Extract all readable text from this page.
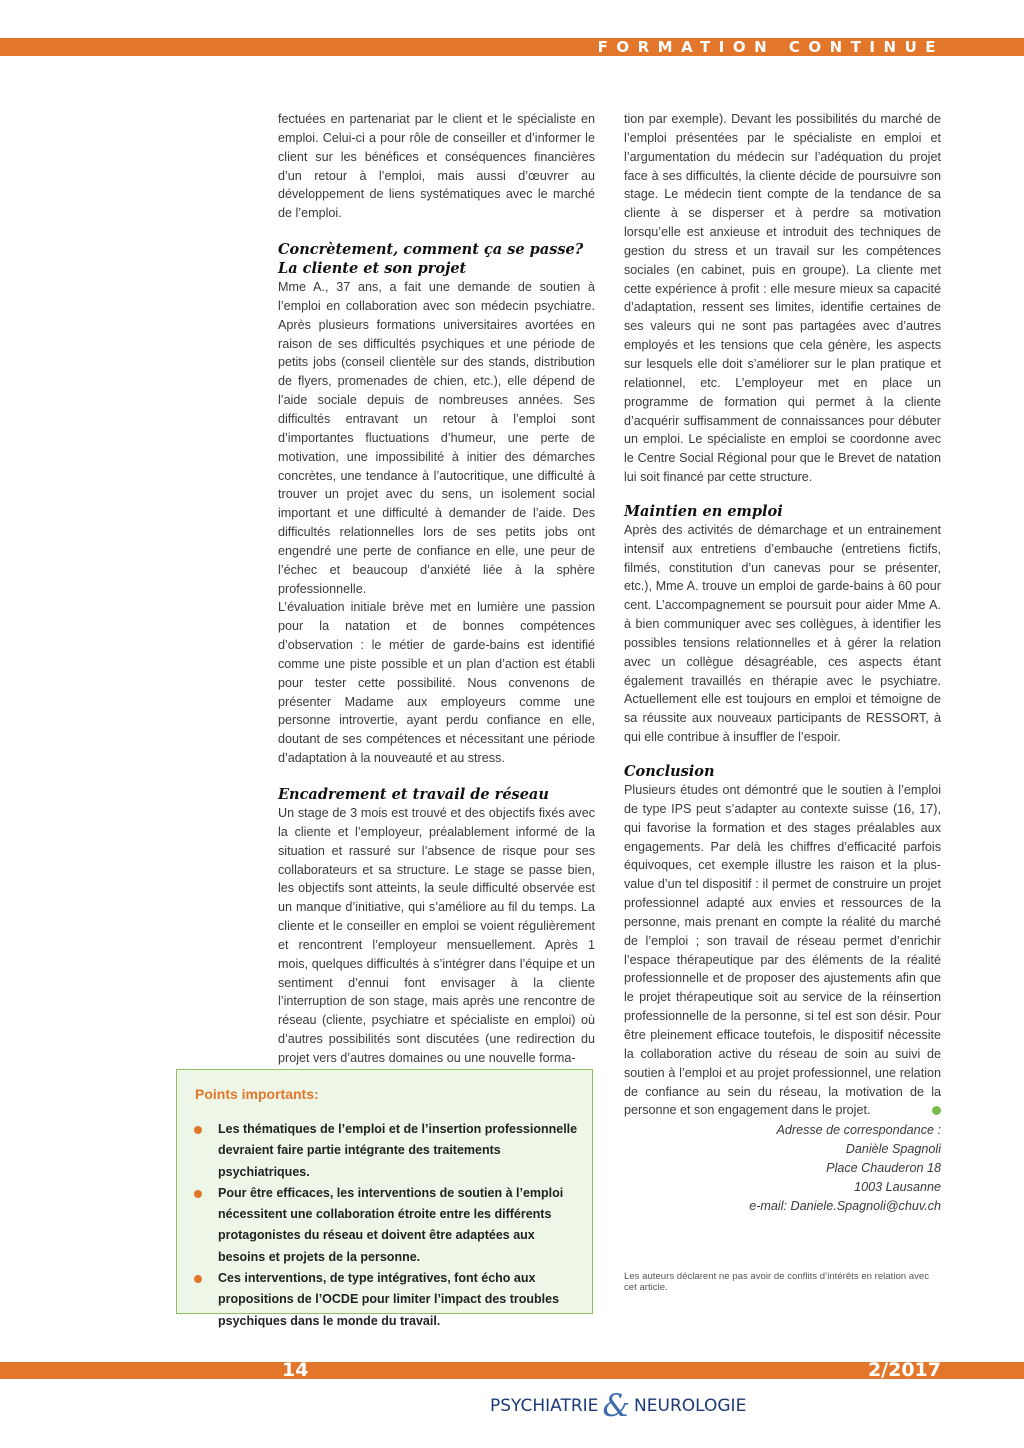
FORMATION CONTINUE

fectuées en partenariat par le client et le spécialiste en emploi. Celui-ci a pour rôle de conseiller et d’informer le client sur les bénéfices et conséquences financières d’un retour à l’emploi, mais aussi d’œuvrer au développement de liens systématiques avec le marché de l’emploi.

Concrètement, comment ça se passe?
La cliente et son projet

Mme A., 37 ans, a fait une demande de soutien à l’emploi en collaboration avec son médecin psychiatre. Après plusieurs formations universitaires avortées en raison de ses difficultés psychiques et une période de petits jobs (conseil clientèle sur des stands, distribution de flyers, promenades de chien, etc.), elle dépend de l’aide sociale depuis de nombreuses années. Ses difficultés entravant un retour à l’emploi sont d’importantes fluctuations d’humeur, une perte de motivation, une impossibilité à initier des démarches concrètes, une tendance à l’autocritique, une difficulté à trouver un projet avec du sens, un isolement social important et une difficulté à demander de l’aide. Des difficultés relationnelles lors de ses petits jobs ont engendré une perte de confiance en elle, une peur de l’échec et beaucoup d’anxiété liée à la sphère professionnelle.

L’évaluation initiale brève met en lumière une passion pour la natation et de bonnes compétences d’observation : le métier de garde-bains est identifié comme une piste possible et un plan d’action est établi pour tester cette possibilité. Nous convenons de présenter Madame aux employeurs comme une personne introvertie, ayant perdu confiance en elle, doutant de ses compétences et nécessitant une période d’adaptation à la nouveauté et au stress.

Encadrement et travail de réseau

Un stage de 3 mois est trouvé et des objectifs fixés avec la cliente et l’employeur, préalablement informé de la situation et rassuré sur l’absence de risque pour ses collaborateurs et sa structure. Le stage se passe bien, les objectifs sont atteints, la seule difficulté observée est un manque d’initiative, qui s’améliore au fil du temps. La cliente et le conseiller en emploi se voient régulièrement et rencontrent l’employeur mensuellement. Après 1 mois, quelques difficultés à s’intégrer dans l’équipe et un sentiment d’ennui font envisager à la cliente l’interruption de son stage, mais après une rencontre de réseau (cliente, psychiatre et spécialiste en emploi) où d’autres possibilités sont discutées (une redirection du projet vers d’autres domaines ou une nouvelle forma-

tion par exemple). Devant les possibilités du marché de l’emploi présentées par le spécialiste en emploi et l’argumentation du médecin sur l’adéquation du projet face à ses difficultés, la cliente décide de poursuivre son stage. Le médecin tient compte de la tendance de sa cliente à se disperser et à perdre sa motivation lorsqu’elle est anxieuse et introduit des techniques de gestion du stress et un travail sur les compétences sociales (en cabinet, puis en groupe). La cliente met cette expérience à profit : elle mesure mieux sa capacité d’adaptation, ressent ses limites, identifie certaines de ses valeurs qui ne sont pas partagées avec d’autres employés et les tensions que cela génère, les aspects sur lesquels elle doit s’améliorer sur le plan pratique et relationnel, etc. L’employeur met en place un programme de formation qui permet à la cliente d’acquérir suffisamment de connaissances pour débuter un emploi. Le spécialiste en emploi se coordonne avec le Centre Social Régional pour que le Brevet de natation lui soit financé par cette structure.

Maintien en emploi

Après des activités de démarchage et un entrainement intensif aux entretiens d’embauche (entretiens fictifs, filmés, constitution d’un canevas pour se présenter, etc.), Mme A. trouve un emploi de garde-bains à 60 pour cent. L’accompagnement se poursuit pour aider Mme A. à bien communiquer avec ses collègues, à identifier les possibles tensions relationnelles et à gérer la relation avec un collègue désagréable, ces aspects étant également travaillés en thérapie avec le psychiatre. Actuellement elle est toujours en emploi et témoigne de sa réussite aux nouveaux participants de RESSORT, à qui elle contribue à insuffler de l’espoir.

Conclusion

Plusieurs études ont démontré que le soutien à l’emploi de type IPS peut s’adapter au contexte suisse (16, 17), qui favorise la formation et des stages préalables aux engagements. Par delà les chiffres d’efficacité parfois équivoques, cet exemple illustre les raison et la plus-value d’un tel dispositif : il permet de construire un projet professionnel adapté aux envies et ressources de la personne, mais prenant en compte la réalité du marché de l’emploi ; son travail de réseau permet d’enrichir l’espace thérapeutique par des éléments de la réalité professionnelle et de proposer des ajustements afin que le projet thérapeutique soit au service de la réinsertion professionnelle de la personne, si tel est son désir. Pour être pleinement efficace toutefois, le dispositif nécessite la collaboration active du réseau de soin au suivi de soutien à l’emploi et au projet professionnel, une relation de confiance au sein du réseau, la motivation de la personne et son engagement dans le projet.

Adresse de correspondance :
Danièle Spagnoli
Place Chauderon 18
1003 Lausanne
e-mail: Daniele.Spagnoli@chuv.ch
Les auteurs déclarent ne pas avoir de conflits d’intérêts en relation avec cet article.
Points importants:
Les thématiques de l’emploi et de l’insertion professionnelle devraient faire partie intégrante des traitements psychiatriques.
Pour être efficaces, les interventions de soutien à l’emploi nécessitent une collaboration étroite entre les différents protagonistes du réseau et doivent être adaptées aux besoins et projets de la personne.
Ces interventions, de type intégratives, font écho aux propositions de l’OCDE pour limiter l’impact des troubles psychiques dans le monde du travail.
14	2/2017
PSYCHIATRIE & NEUROLOGIE
